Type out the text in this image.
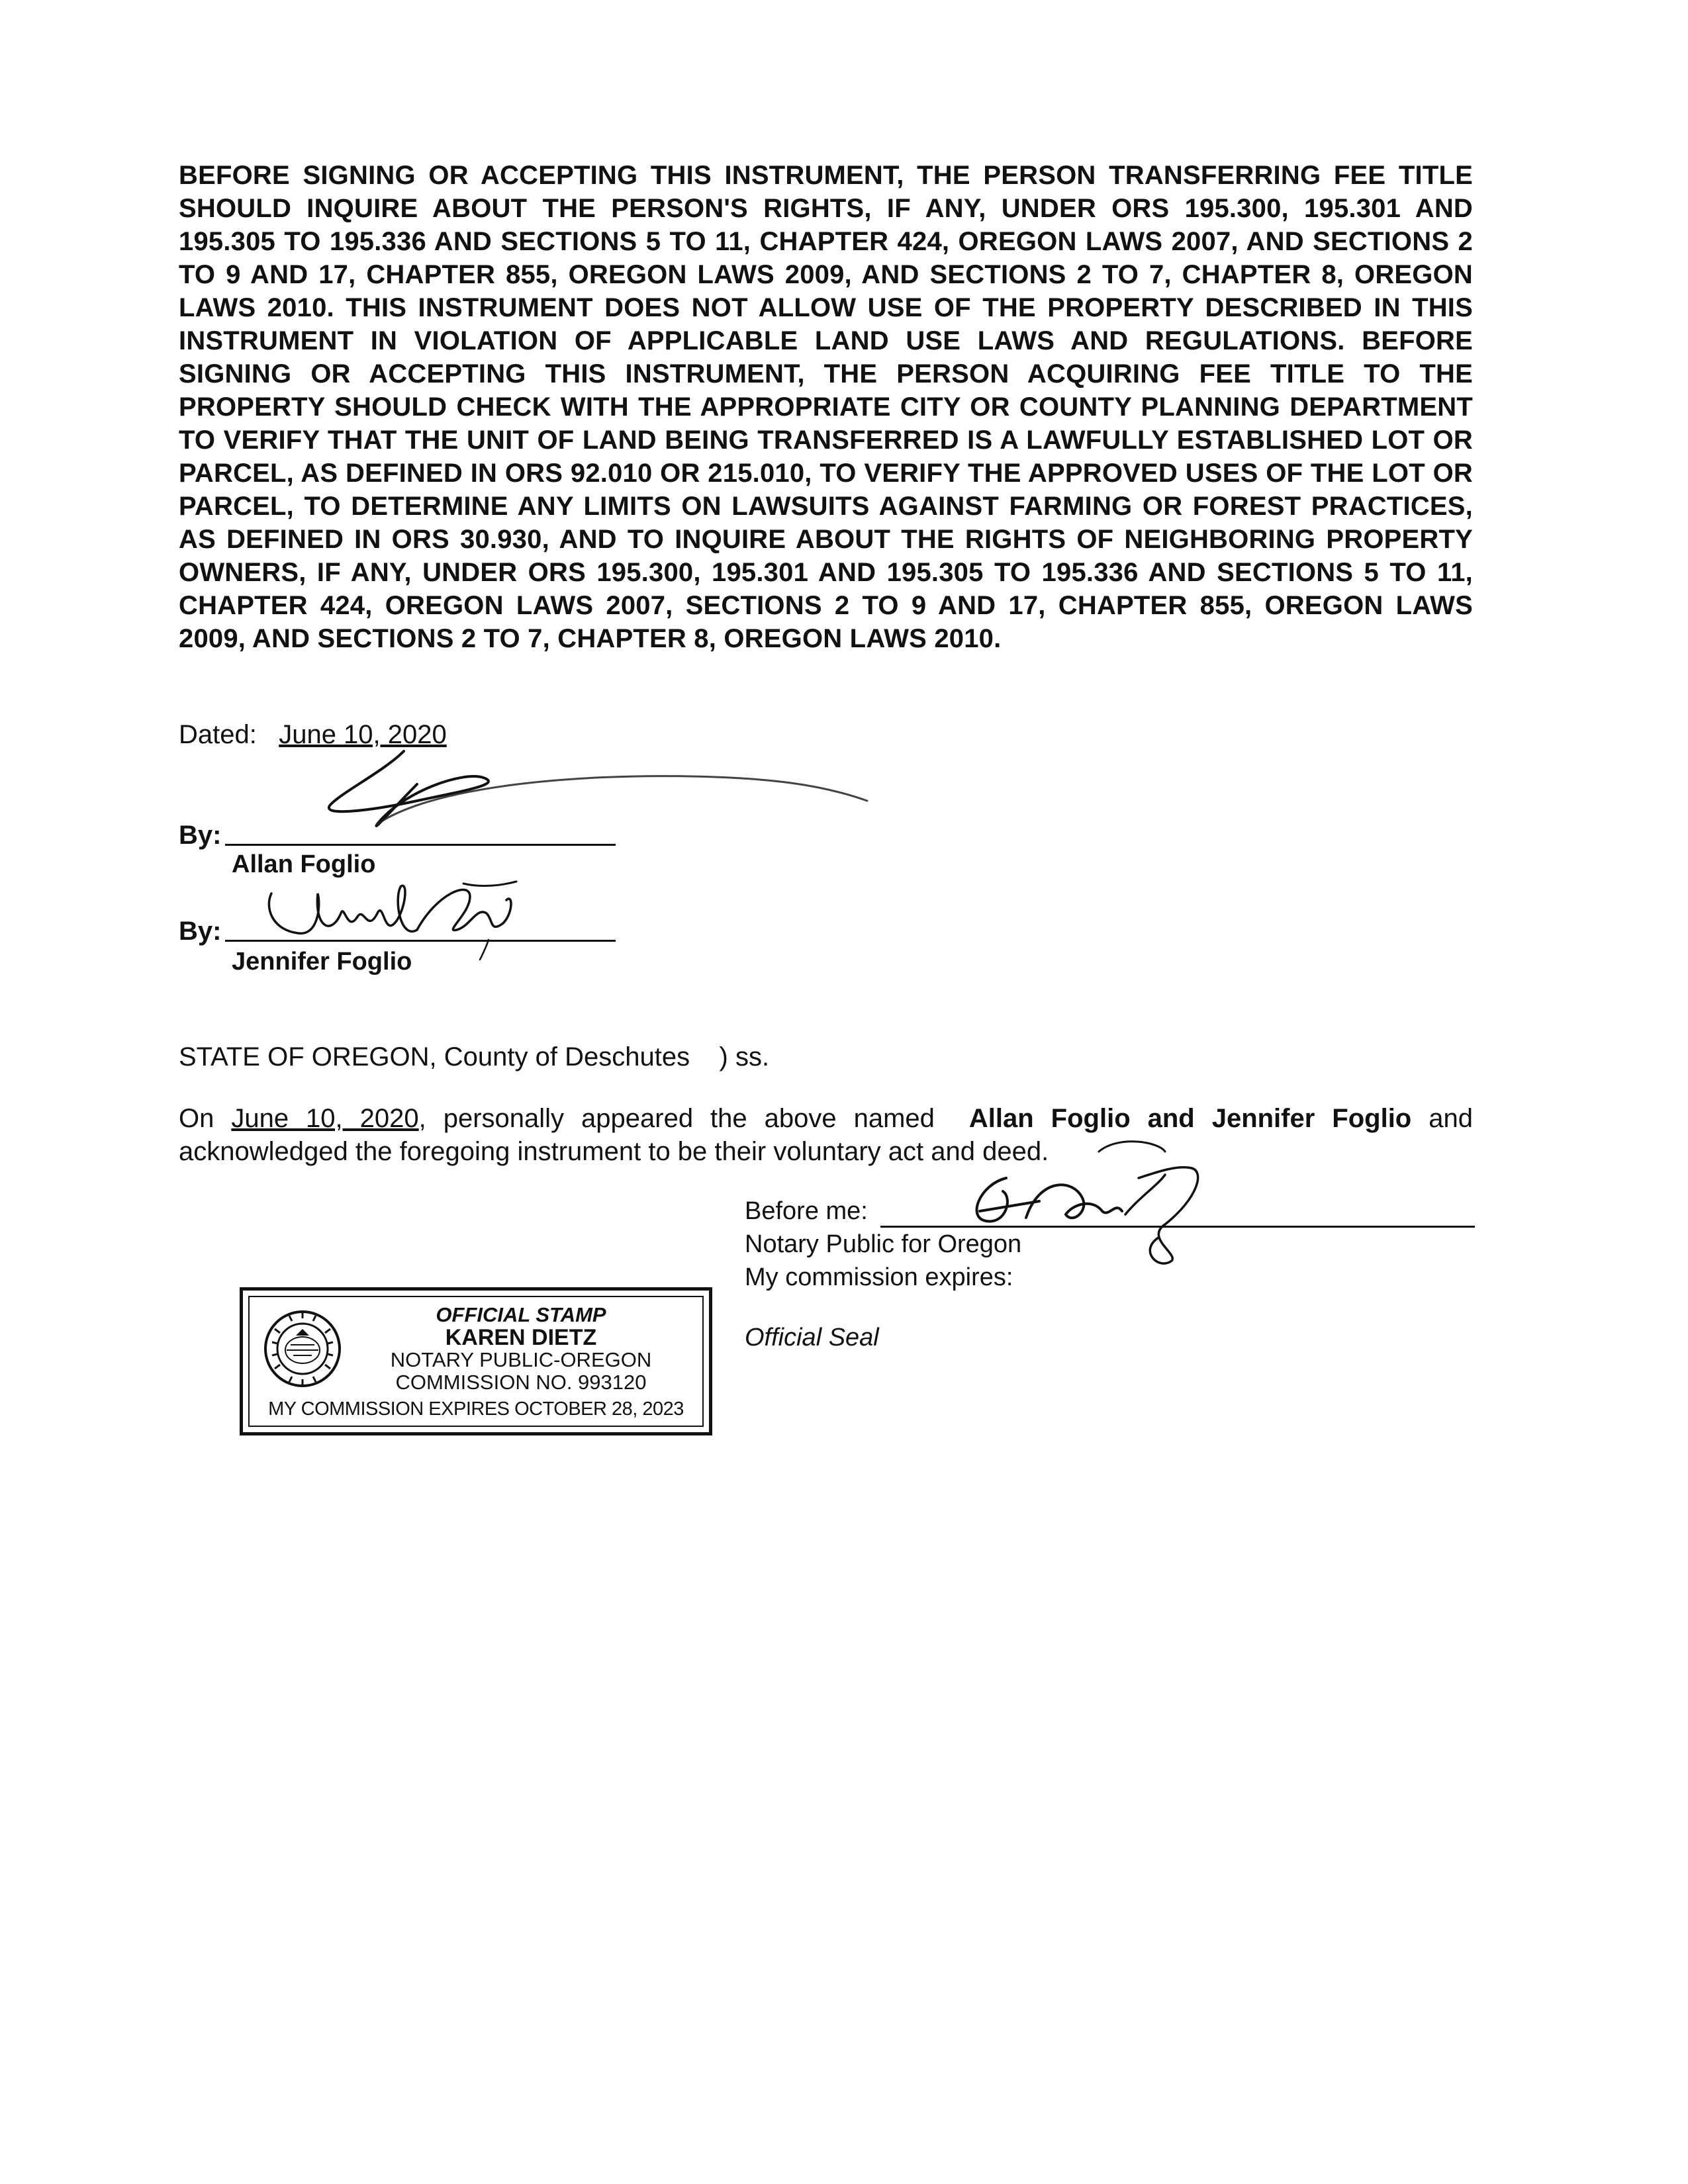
BEFORE SIGNING OR ACCEPTING THIS INSTRUMENT, THE PERSON TRANSFERRING FEE TITLE SHOULD INQUIRE ABOUT THE PERSON'S RIGHTS, IF ANY, UNDER ORS 195.300, 195.301 AND 195.305 TO 195.336 AND SECTIONS 5 TO 11, CHAPTER 424, OREGON LAWS 2007, AND SECTIONS 2 TO 9 AND 17, CHAPTER 855, OREGON LAWS 2009, AND SECTIONS 2 TO 7, CHAPTER 8, OREGON LAWS 2010. THIS INSTRUMENT DOES NOT ALLOW USE OF THE PROPERTY DESCRIBED IN THIS INSTRUMENT IN VIOLATION OF APPLICABLE LAND USE LAWS AND REGULATIONS. BEFORE SIGNING OR ACCEPTING THIS INSTRUMENT, THE PERSON ACQUIRING FEE TITLE TO THE PROPERTY SHOULD CHECK WITH THE APPROPRIATE CITY OR COUNTY PLANNING DEPARTMENT TO VERIFY THAT THE UNIT OF LAND BEING TRANSFERRED IS A LAWFULLY ESTABLISHED LOT OR PARCEL, AS DEFINED IN ORS 92.010 OR 215.010, TO VERIFY THE APPROVED USES OF THE LOT OR PARCEL, TO DETERMINE ANY LIMITS ON LAWSUITS AGAINST FARMING OR FOREST PRACTICES, AS DEFINED IN ORS 30.930, AND TO INQUIRE ABOUT THE RIGHTS OF NEIGHBORING PROPERTY OWNERS, IF ANY, UNDER ORS 195.300, 195.301 AND 195.305 TO 195.336 AND SECTIONS 5 TO 11, CHAPTER 424, OREGON LAWS 2007, SECTIONS 2 TO 9 AND 17, CHAPTER 855, OREGON LAWS 2009, AND SECTIONS 2 TO 7, CHAPTER 8, OREGON LAWS 2010.
Dated: June 10, 2020
By:
Allan Foglio
By:
Jennifer Foglio
STATE OF OREGON, County of Deschutes ) ss.
On June 10, 2020, personally appeared the above named Allan Foglio and Jennifer Foglio and acknowledged the foregoing instrument to be their voluntary act and deed.
Before me:
Notary Public for Oregon
My commission expires:
Official Seal
OFFICIAL STAMP
KAREN DIETZ
NOTARY PUBLIC-OREGON
COMMISSION NO. 993120
MY COMMISSION EXPIRES OCTOBER 28, 2023
